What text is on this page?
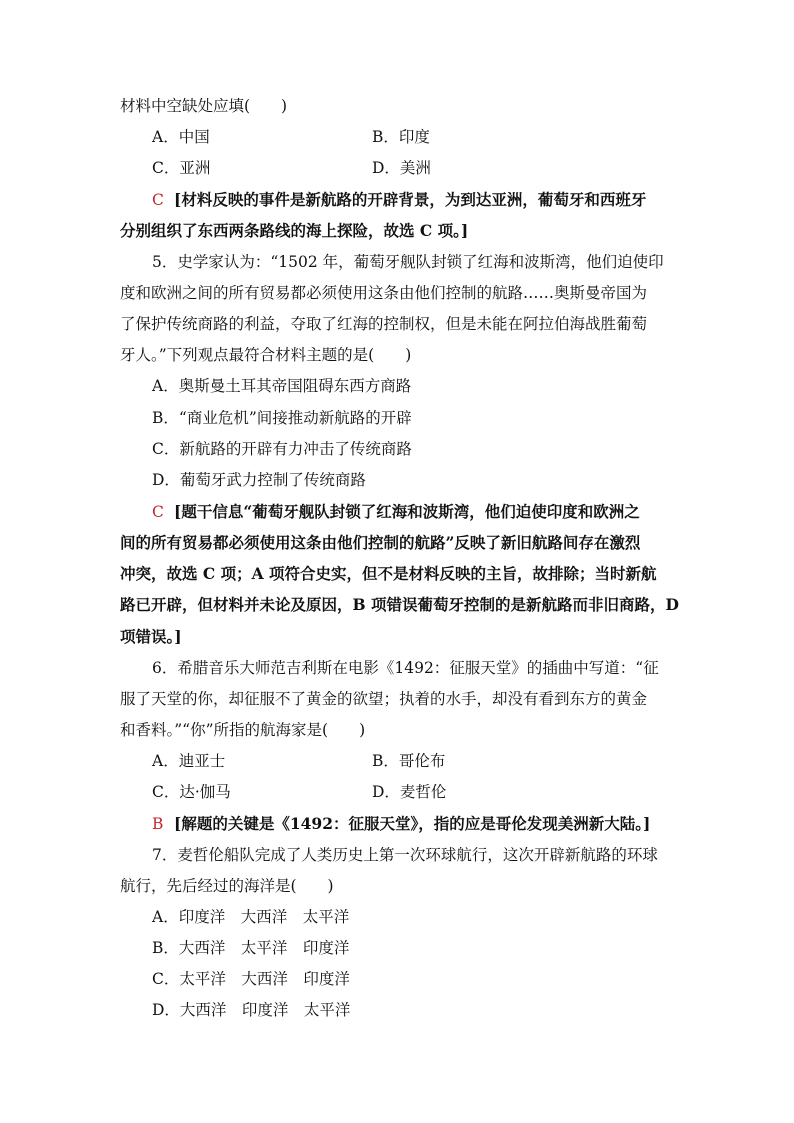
材料中空缺处应填(　　)
A．中国	B．印度
C．亚洲	D．美洲
C [材料反映的事件是新航路的开辟背景，为到达亚洲，葡萄牙和西班牙
分别组织了东西两条路线的海上探险，故选 C 项。]
5．史学家认为：“1502 年，葡萄牙舰队封锁了红海和波斯湾，他们迫使印
度和欧洲之间的所有贸易都必须使用这条由他们控制的航路……奥斯曼帝国为
了保护传统商路的利益，夺取了红海的控制权，但是未能在阿拉伯海战胜葡萄
牙人。”下列观点最符合材料主题的是(　　)
A．奥斯曼土耳其帝国阻碍东西方商路
B．“商业危机”间接推动新航路的开辟
C．新航路的开辟有力冲击了传统商路
D．葡萄牙武力控制了传统商路
C [题干信息“葡萄牙舰队封锁了红海和波斯湾，他们迫使印度和欧洲之
间的所有贸易都必须使用这条由他们控制的航路”反映了新旧航路间存在激烈
冲突，故选 C 项；A 项符合史实，但不是材料反映的主旨，故排除；当时新航
路已开辟，但材料并未论及原因，B 项错误葡萄牙控制的是新航路而非旧商路，D
项错误。]
6．希腊音乐大师范吉利斯在电影《1492：征服天堂》的插曲中写道：“征
服了天堂的你，却征服不了黄金的欲望；执着的水手，却没有看到东方的黄金
和香料。”“你”所指的航海家是(　　)
A．迪亚士	B．哥伦布
C．达·伽马	D．麦哲伦
B [解题的关键是《1492：征服天堂》，指的应是哥伦发现美洲新大陆。]
7．麦哲伦船队完成了人类历史上第一次环球航行，这次开辟新航路的环球
航行，先后经过的海洋是(　　)
A．印度洋　大西洋　太平洋
B．大西洋　太平洋　印度洋
C．太平洋　大西洋　印度洋
D．大西洋　印度洋　太平洋
